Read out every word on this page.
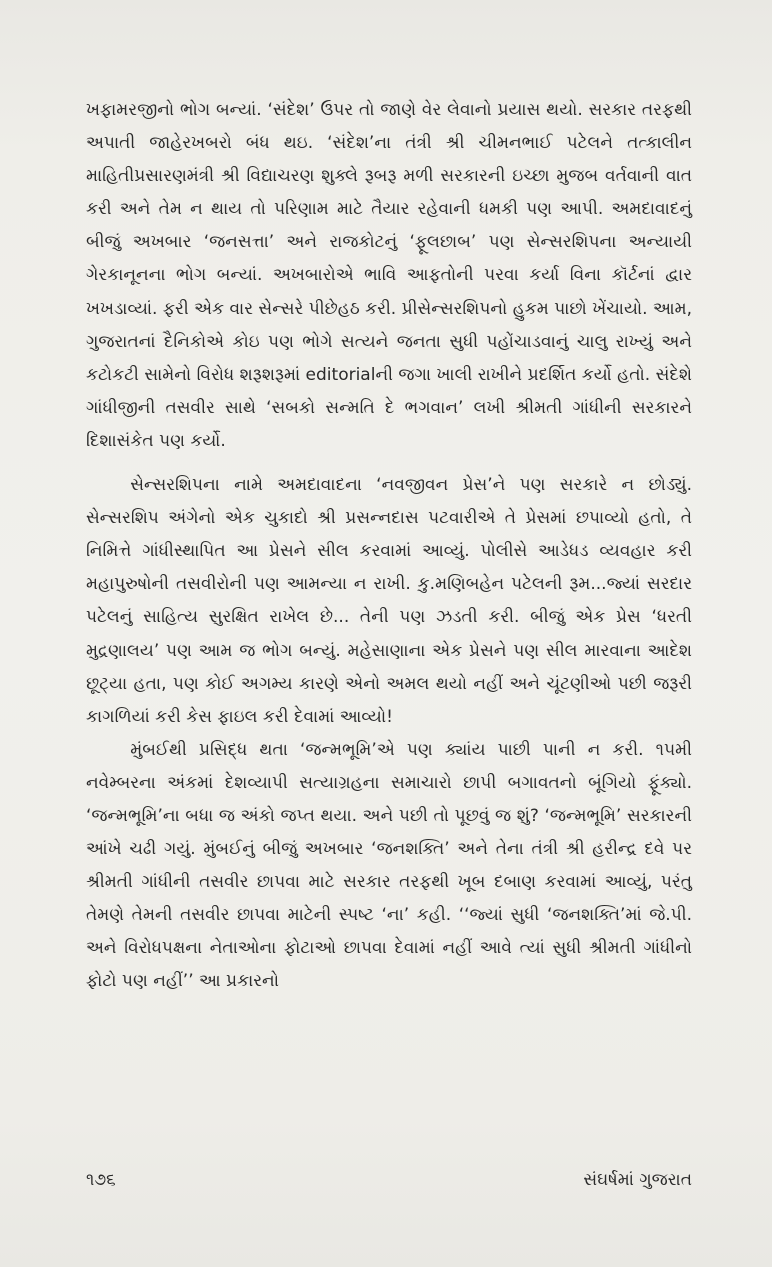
ખફામરજીનો ભોગ બન્યાં. ‘સંદેશ’ ઉપર તો જાણે વેર લેવાનો પ્રયાસ થયો. સરકાર તરફથી અપાતી જાહેરખબરો બંધ થઇ. ‘સંદેશ’ના તંત્રી શ્રી ચીમનભાઈ પટેલને તત્કાલીન માહિતીપ્રસારણમંત્રી શ્રી વિદ્યાચરણ શુક્લે રૂબરૂ મળી સરકારની ઇચ્છા મુજબ વર્તવાની વાત કરી અને તેમ ન થાય તો પરિણામ માટે તૈયાર રહેવાની ધમકી પણ આપી. અમદાવાદનું બીજું અખબાર ‘જનસત્તા’ અને રાજકોટનું ‘ફૂલછાબ’ પણ સેન્સરશિપના અન્યાયી ગેરકાનૂનના ભોગ બન્યાં. અખબારોએ ભાવિ આફતોની પરવા કર્યા વિના કૉર્ટનાં દ્વાર ખખડાવ્યાં. ફરી એક વાર સેન્સરે પીછેહઠ કરી. પ્રીસેન્સરશિપનો હુકમ પાછો ખેંચાયો. આમ, ગુજરાતનાં દૈનિકોએ કોઇ પણ ભોગે સત્યને જનતા સુધી પહોંચાડવાનું ચાલુ રાખ્યું અને કટોકટી સામેનો વિરોધ શરૂશરૂમાં editorialની જગા ખાલી રાખીને પ્રદર્શિત કર્યો હતો. સંદેશે ગાંધીજીની તસવીર સાથે ‘સબકો સન્મતિ દે ભગવાન’ લખી શ્રીમતી ગાંધીની સરકારને દિશાસંકેત પણ કર્યો.

સેન્સરશિપના નામે અમદાવાદના ‘નવજીવન પ્રેસ’ને પણ સરકારે ન છોડ્યું. સેન્સરશિપ અંગેનો એક ચુકાદો શ્રી પ્રસન્નદાસ પટવારીએ તે પ્રેસમાં છપાવ્યો હતો, તે નિમિત્તે ગાંધીસ્થાપિત આ પ્રેસને સીલ કરવામાં આવ્યું. પોલીસે આડેધડ વ્યવહાર કરી મહાપુરુષોની તસવીરોની પણ આમન્યા ન રાખી. કુ.મણિબહેન પટેલની રૂમ...જ્યાં સરદાર પટેલનું સાહિત્ય સુરક્ષિત રાખેલ છે... તેની પણ ઝડતી કરી. બીજું એક પ્રેસ ‘ધરતી મુદ્રણાલય’ પણ આમ જ ભોગ બન્યું. મહેસાણાના એક પ્રેસને પણ સીલ મારવાના આદેશ છૂટ્યા હતા, પણ કોઈ અગમ્ય કારણે એનો અમલ થયો નહીં અને ચૂંટણીઓ પછી જરૂરી કાગળિયાં કરી કેસ ફાઇલ કરી દેવામાં આવ્યો!

મુંબઈથી પ્રસિદ્ધ થતા ‘જન્મભૂમિ’એ પણ ક્યાંય પાછી પાની ન કરી. ૧૫મી નવેમ્બરના અંકમાં દેશવ્યાપી સત્યાગ્રહના સમાચારો છાપી બગાવતનો બૂંગિયો ફૂંક્યો. ‘જન્મભૂમિ’ના બધા જ અંકો જપ્ત થયા. અને પછી તો પૂછવું જ શું? ‘જન્મભૂમિ’ સરકારની આંખે ચઢી ગયું. મુંબઈનું બીજું અખબાર ‘જનશક્તિ’ અને તેના તંત્રી શ્રી હરીન્દ્ર દવે પર શ્રીમતી ગાંધીની તસવીર છાપવા માટે સરકાર તરફથી ખૂબ દબાણ કરવામાં આવ્યું, પરંતુ તેમણે તેમની તસવીર છાપવા માટેની સ્પષ્ટ ‘ના’ કહી. ‘‘જ્યાં સુધી ‘જનશક્તિ’માં જે.પી. અને વિરોધપક્ષના નેતાઓના ફોટાઓ છાપવા દેવામાં નહીં આવે ત્યાં સુધી શ્રીમતી ગાંધીનો ફોટો પણ નહીં’’ આ પ્રકારનો

૧૭૬	સંઘર્ષમાં ગુજરાત
